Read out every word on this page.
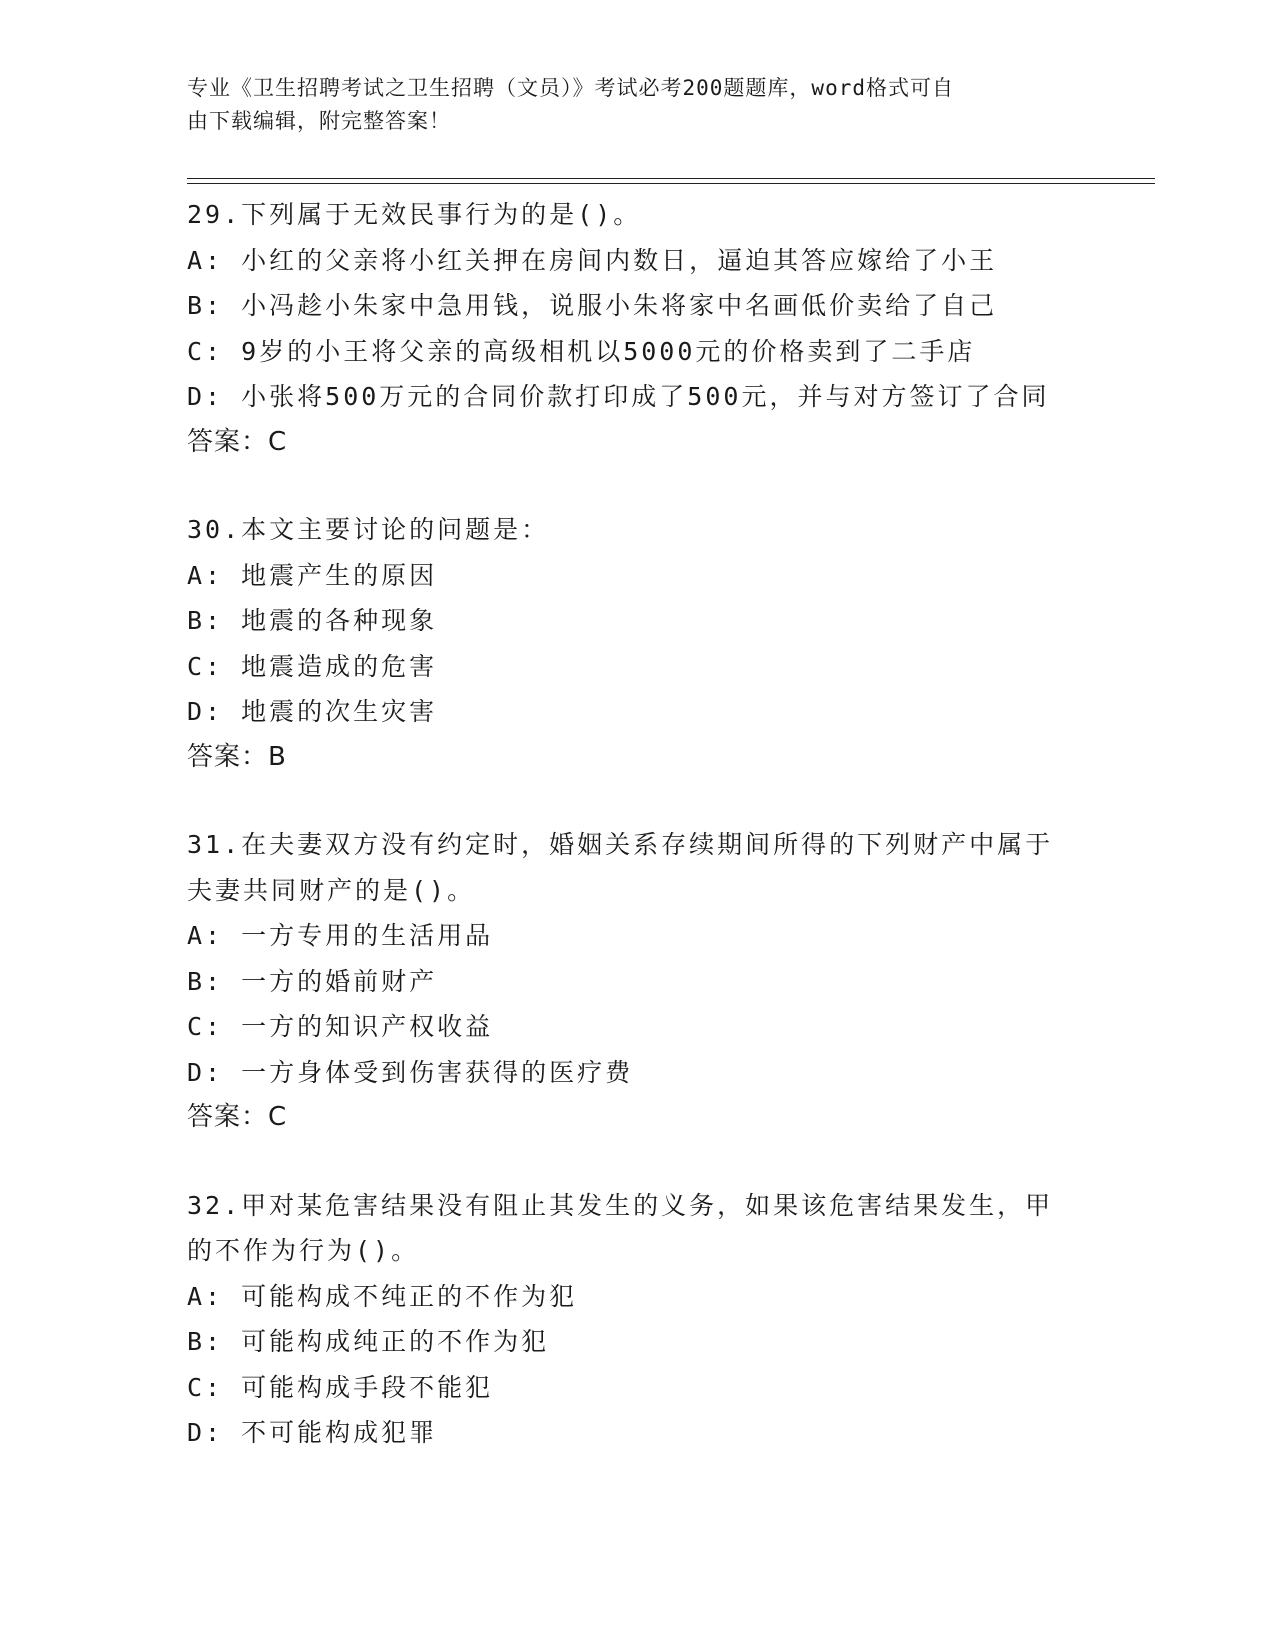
专业《卫生招聘考试之卫生招聘（文员）》考试必考200题题库，word格式可自
由下载编辑，附完整答案！
29.下列属于无效民事行为的是()。
A: 小红的父亲将小红关押在房间内数日，逼迫其答应嫁给了小王
B: 小冯趁小朱家中急用钱，说服小朱将家中名画低价卖给了自己
C: 9岁的小王将父亲的高级相机以5000元的价格卖到了二手店
D: 小张将500万元的合同价款打印成了500元，并与对方签订了合同
答案：C
30.本文主要讨论的问题是：
A: 地震产生的原因
B: 地震的各种现象
C: 地震造成的危害
D: 地震的次生灾害
答案：B
31.在夫妻双方没有约定时，婚姻关系存续期间所得的下列财产中属于
夫妻共同财产的是()。
A: 一方专用的生活用品
B: 一方的婚前财产
C: 一方的知识产权收益
D: 一方身体受到伤害获得的医疗费
答案：C
32.甲对某危害结果没有阻止其发生的义务，如果该危害结果发生，甲
的不作为行为()。
A: 可能构成不纯正的不作为犯
B: 可能构成纯正的不作为犯
C: 可能构成手段不能犯
D: 不可能构成犯罪
